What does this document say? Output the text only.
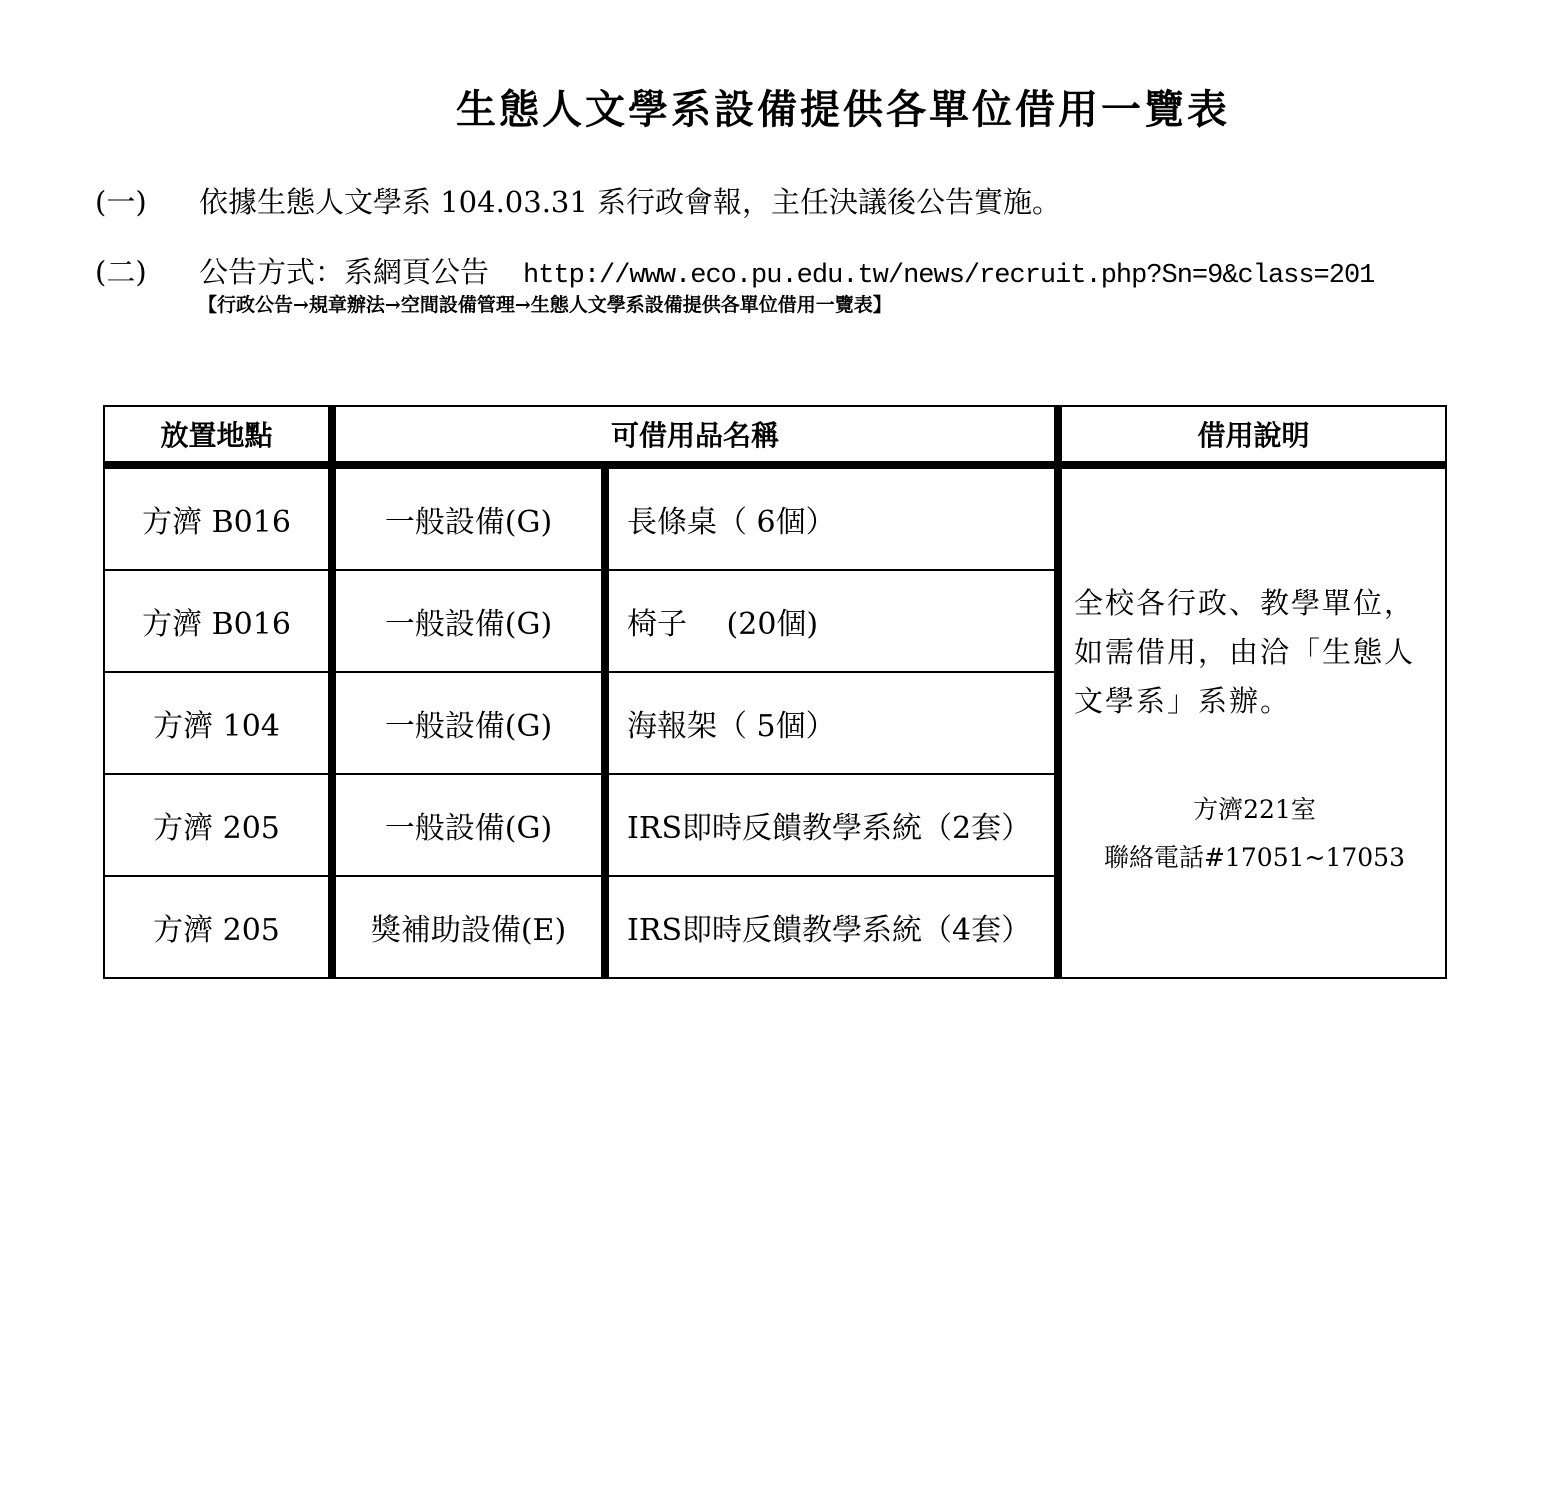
生態人文學系設備提供各單位借用一覽表
(一) 依據生態人文學系 104.03.31 系行政會報，主任決議後公告實施。
(二) 公告方式：系網頁公告 http://www.eco.pu.edu.tw/news/recruit.php?Sn=9&class=201
【行政公告→規章辦法→空間設備管理→生態人文學系設備提供各單位借用一覽表】
放置地點	可借用品名稱		借用說明
方濟 B016	一般設備(G)	長條桌（ 6個）	全校各行政、教學單位，如需借用，由洽「生態人文學系」系辦。
方濟221室
聯絡電話#17051~17053

方濟 B016	一般設備(G)	椅子　 (20個)	
方濟 104	一般設備(G)	海報架（ 5個）	
方濟 205	一般設備(G)	IRS即時反饋教學系統（2套）	
方濟 205	獎補助設備(E)	IRS即時反饋教學系統（4套）	
